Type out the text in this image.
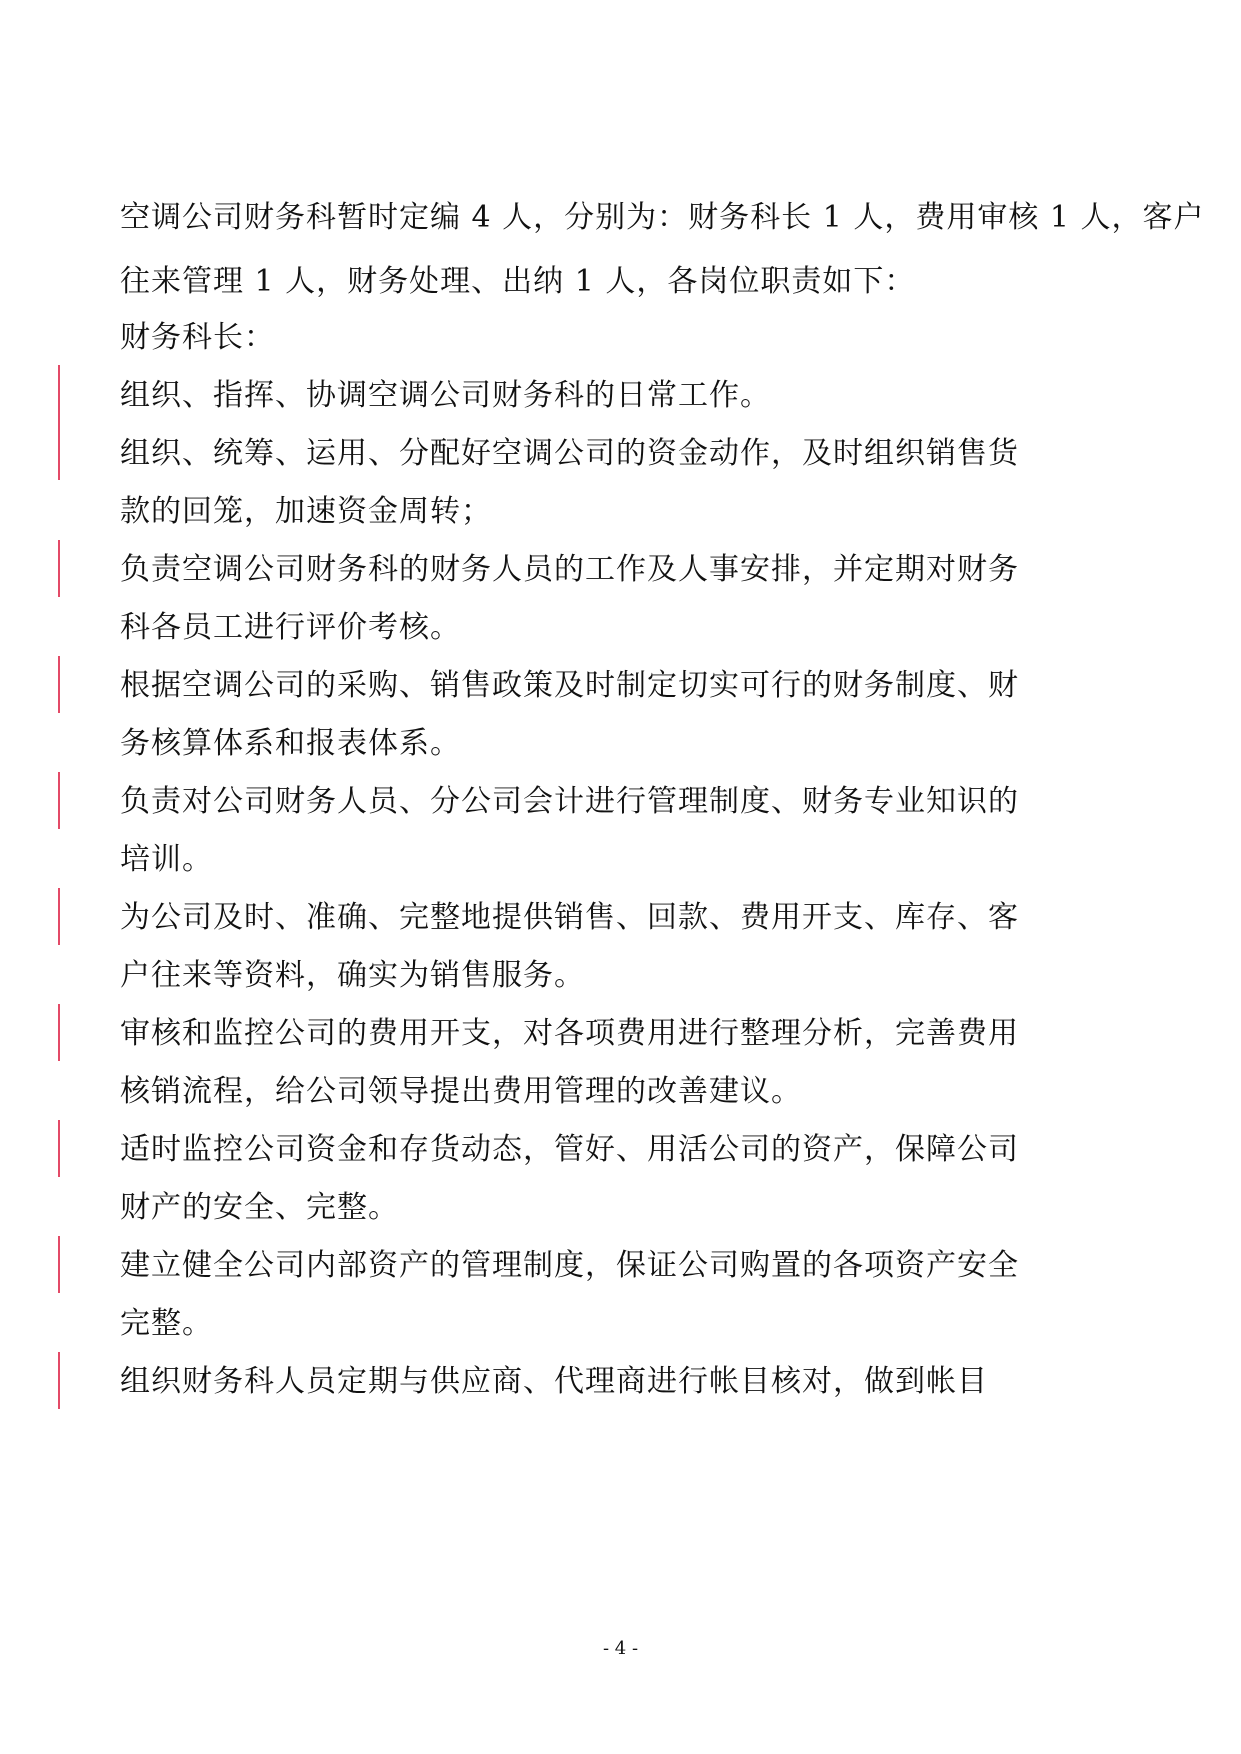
空调公司财务科暂时定编 4 人，分别为：财务科长 1 人，费用审核 1 人，客户
往来管理 1 人，财务处理、出纳 1 人，各岗位职责如下：
财务科长：
组织、指挥、协调空调公司财务科的日常工作。
组织、统筹、运用、分配好空调公司的资金动作，及时组织销售货
款的回笼，加速资金周转；
负责空调公司财务科的财务人员的工作及人事安排，并定期对财务
科各员工进行评价考核。
根据空调公司的采购、销售政策及时制定切实可行的财务制度、财
务核算体系和报表体系。
负责对公司财务人员、分公司会计进行管理制度、财务专业知识的
培训。
为公司及时、准确、完整地提供销售、回款、费用开支、库存、客
户往来等资料，确实为销售服务。
审核和监控公司的费用开支，对各项费用进行整理分析，完善费用
核销流程，给公司领导提出费用管理的改善建议。
适时监控公司资金和存货动态，管好、用活公司的资产，保障公司
财产的安全、完整。
建立健全公司内部资产的管理制度，保证公司购置的各项资产安全
完整。
组织财务科人员定期与供应商、代理商进行帐目核对，做到帐目
- 4 -
